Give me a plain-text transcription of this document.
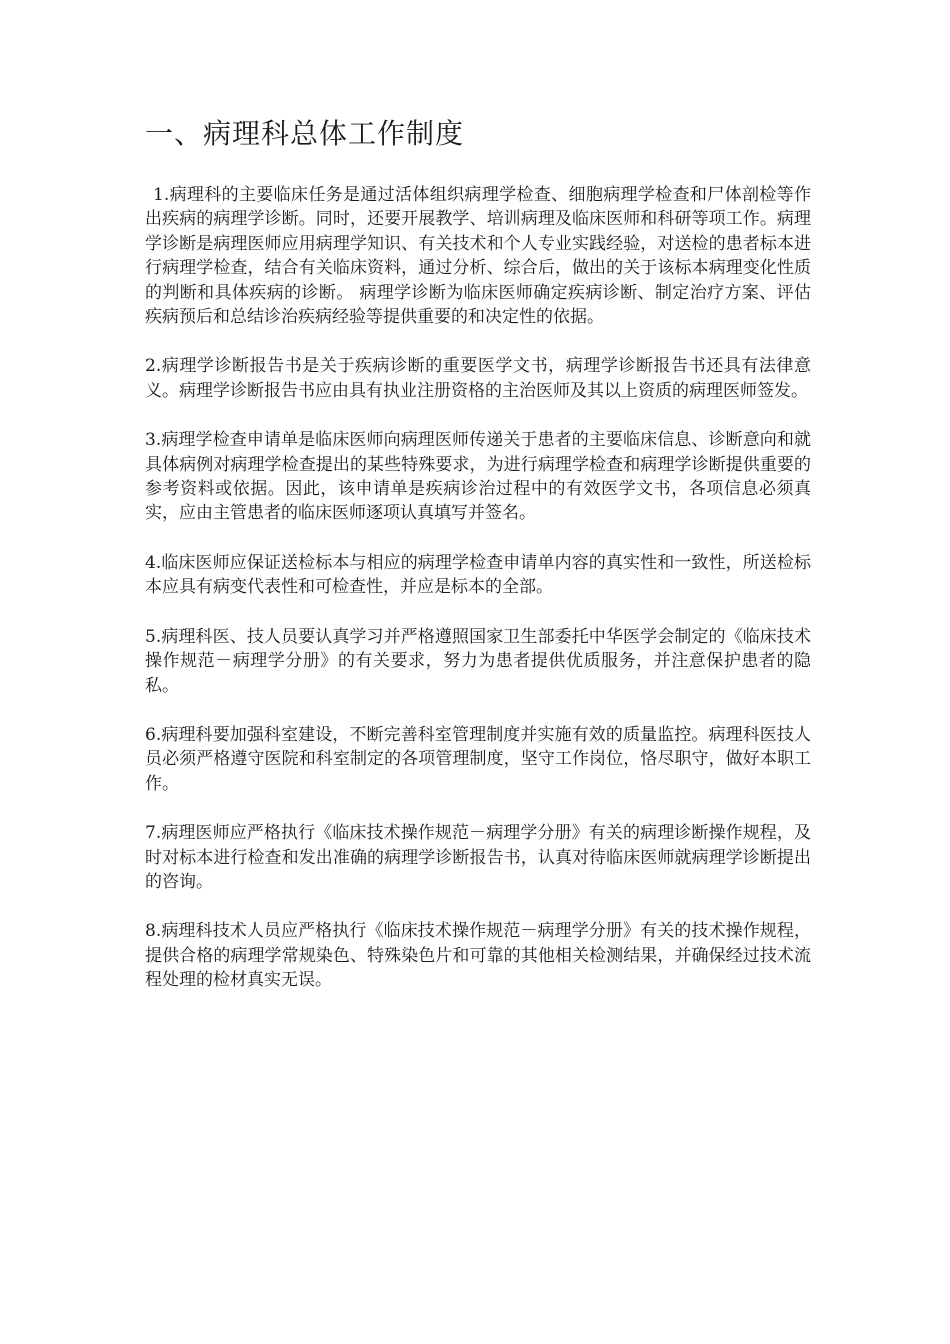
一、病理科总体工作制度

1.病理科的主要临床任务是通过活体组织病理学检查、细胞病理学检查和尸体剖检等作出疾病的病理学诊断。同时，还要开展教学、培训病理及临床医师和科研等项工作。病理学诊断是病理医师应用病理学知识、有关技术和个人专业实践经验，对送检的患者标本进行病理学检查，结合有关临床资料，通过分析、综合后，做出的关于该标本病理变化性质的判断和具体疾病的诊断。 病理学诊断为临床医师确定疾病诊断、制定治疗方案、评估疾病预后和总结诊治疾病经验等提供重要的和决定性的依据。

2.病理学诊断报告书是关于疾病诊断的重要医学文书，病理学诊断报告书还具有法律意义。病理学诊断报告书应由具有执业注册资格的主治医师及其以上资质的病理医师签发。

3.病理学检查申请单是临床医师向病理医师传递关于患者的主要临床信息、诊断意向和就具体病例对病理学检查提出的某些特殊要求，为进行病理学检查和病理学诊断提供重要的参考资料或依据。因此，该申请单是疾病诊治过程中的有效医学文书，各项信息必须真实，应由主管患者的临床医师逐项认真填写并签名。

4.临床医师应保证送检标本与相应的病理学检查申请单内容的真实性和一致性，所送检标本应具有病变代表性和可检查性，并应是标本的全部。

5.病理科医、技人员要认真学习并严格遵照国家卫生部委托中华医学会制定的《临床技术操作规范－病理学分册》的有关要求，努力为患者提供优质服务，并注意保护患者的隐私。

6.病理科要加强科室建设，不断完善科室管理制度并实施有效的质量监控。病理科医技人员必须严格遵守医院和科室制定的各项管理制度，坚守工作岗位，恪尽职守，做好本职工作。

7.病理医师应严格执行《临床技术操作规范－病理学分册》有关的病理诊断操作规程，及时对标本进行检查和发出准确的病理学诊断报告书，认真对待临床医师就病理学诊断提出的咨询。

8.病理科技术人员应严格执行《临床技术操作规范－病理学分册》有关的技术操作规程，提供合格的病理学常规染色、特殊染色片和可靠的其他相关检测结果，并确保经过技术流程处理的检材真实无误。
